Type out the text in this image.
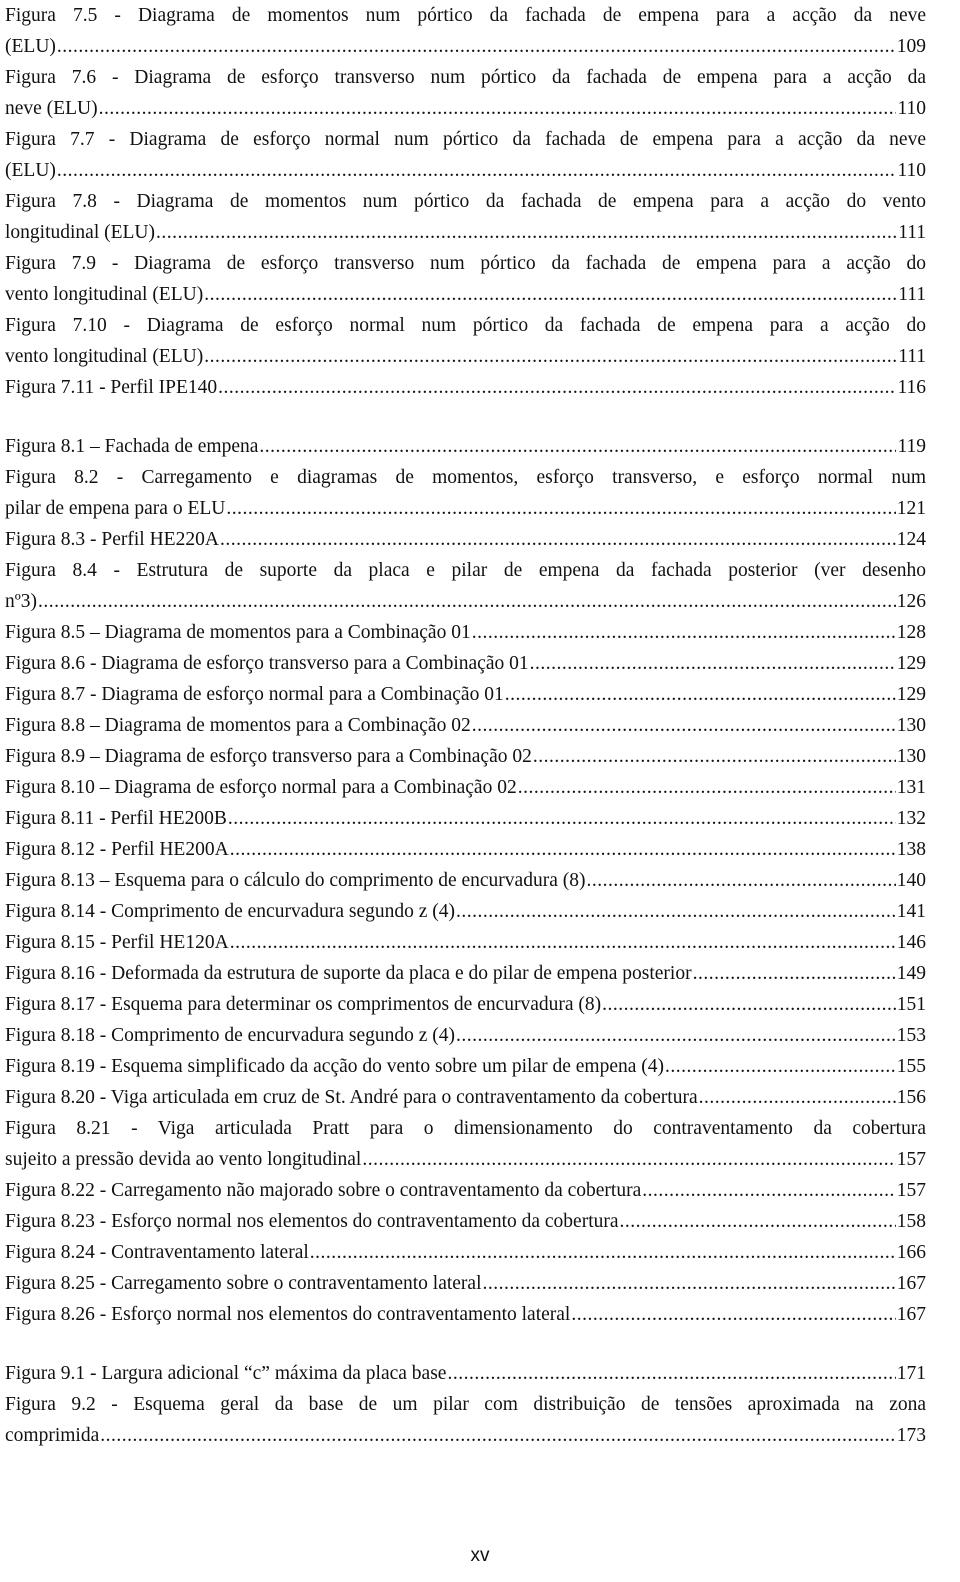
Figura 7.5 - Diagrama de momentos num pórtico da fachada de empena para a acção da neve
(ELU) .....	109
Figura 7.6 - Diagrama de esforço transverso num pórtico da fachada de empena para a acção da
neve (ELU) .....	110
Figura 7.7 - Diagrama de esforço normal num pórtico da fachada de empena para a acção da neve
(ELU) .....	110
Figura 7.8 - Diagrama de momentos num pórtico da fachada de empena para a acção do vento
longitudinal (ELU) .....	111
Figura 7.9 - Diagrama de esforço transverso num pórtico da fachada de empena para a acção do
vento longitudinal (ELU) .....	111
Figura 7.10 - Diagrama de esforço normal num pórtico da fachada de empena para a acção do
vento longitudinal (ELU) .....	111
Figura 7.11 - Perfil IPE140 .....	116
Figura 8.1 – Fachada de empena .....	119
Figura 8.2 - Carregamento e diagramas de momentos, esforço transverso, e esforço normal num
pilar de empena para o ELU .....	121
Figura 8.3 - Perfil HE220A .....	124
Figura 8.4 - Estrutura de suporte da placa e pilar de empena da fachada posterior (ver desenho
nº3) .....	126
Figura 8.5 – Diagrama de momentos para a Combinação 01 .....	128
Figura 8.6 - Diagrama de esforço transverso para a Combinação 01 .....	129
Figura 8.7 - Diagrama de esforço normal para a Combinação 01 .....	129
Figura 8.8 – Diagrama de momentos para a Combinação 02 .....	130
Figura 8.9 – Diagrama de esforço transverso para a Combinação 02 .....	130
Figura 8.10 – Diagrama de esforço normal para a Combinação 02 .....	131
Figura 8.11 - Perfil HE200B .....	132
Figura 8.12 - Perfil HE200A .....	138
Figura 8.13 – Esquema para o cálculo do comprimento de encurvadura (8) .....	140
Figura 8.14 - Comprimento de encurvadura segundo z (4) .....	141
Figura 8.15 - Perfil HE120A .....	146
Figura 8.16 - Deformada da estrutura de suporte da placa e do pilar de empena posterior .....	149
Figura 8.17 - Esquema para determinar os comprimentos de encurvadura (8) .....	151
Figura 8.18 - Comprimento de encurvadura segundo z (4) .....	153
Figura 8.19 - Esquema simplificado da acção do vento sobre um pilar de empena (4) .....	155
Figura 8.20 - Viga articulada em cruz de St. André para o contraventamento da cobertura .....	156
Figura 8.21 - Viga articulada Pratt para o dimensionamento do contraventamento da cobertura
sujeito a pressão devida ao vento longitudinal .....	157
Figura 8.22 - Carregamento não majorado sobre o contraventamento da cobertura .....	157
Figura 8.23 - Esforço normal nos elementos do contraventamento da cobertura .....	158
Figura 8.24 - Contraventamento lateral .....	166
Figura 8.25 - Carregamento sobre o contraventamento lateral .....	167
Figura 8.26 - Esforço normal nos elementos do contraventamento lateral .....	167
Figura 9.1 - Largura adicional “c” máxima da placa base .....	171
Figura 9.2 - Esquema geral da base de um pilar com distribuição de tensões aproximada na zona
comprimida .....	173
xv
